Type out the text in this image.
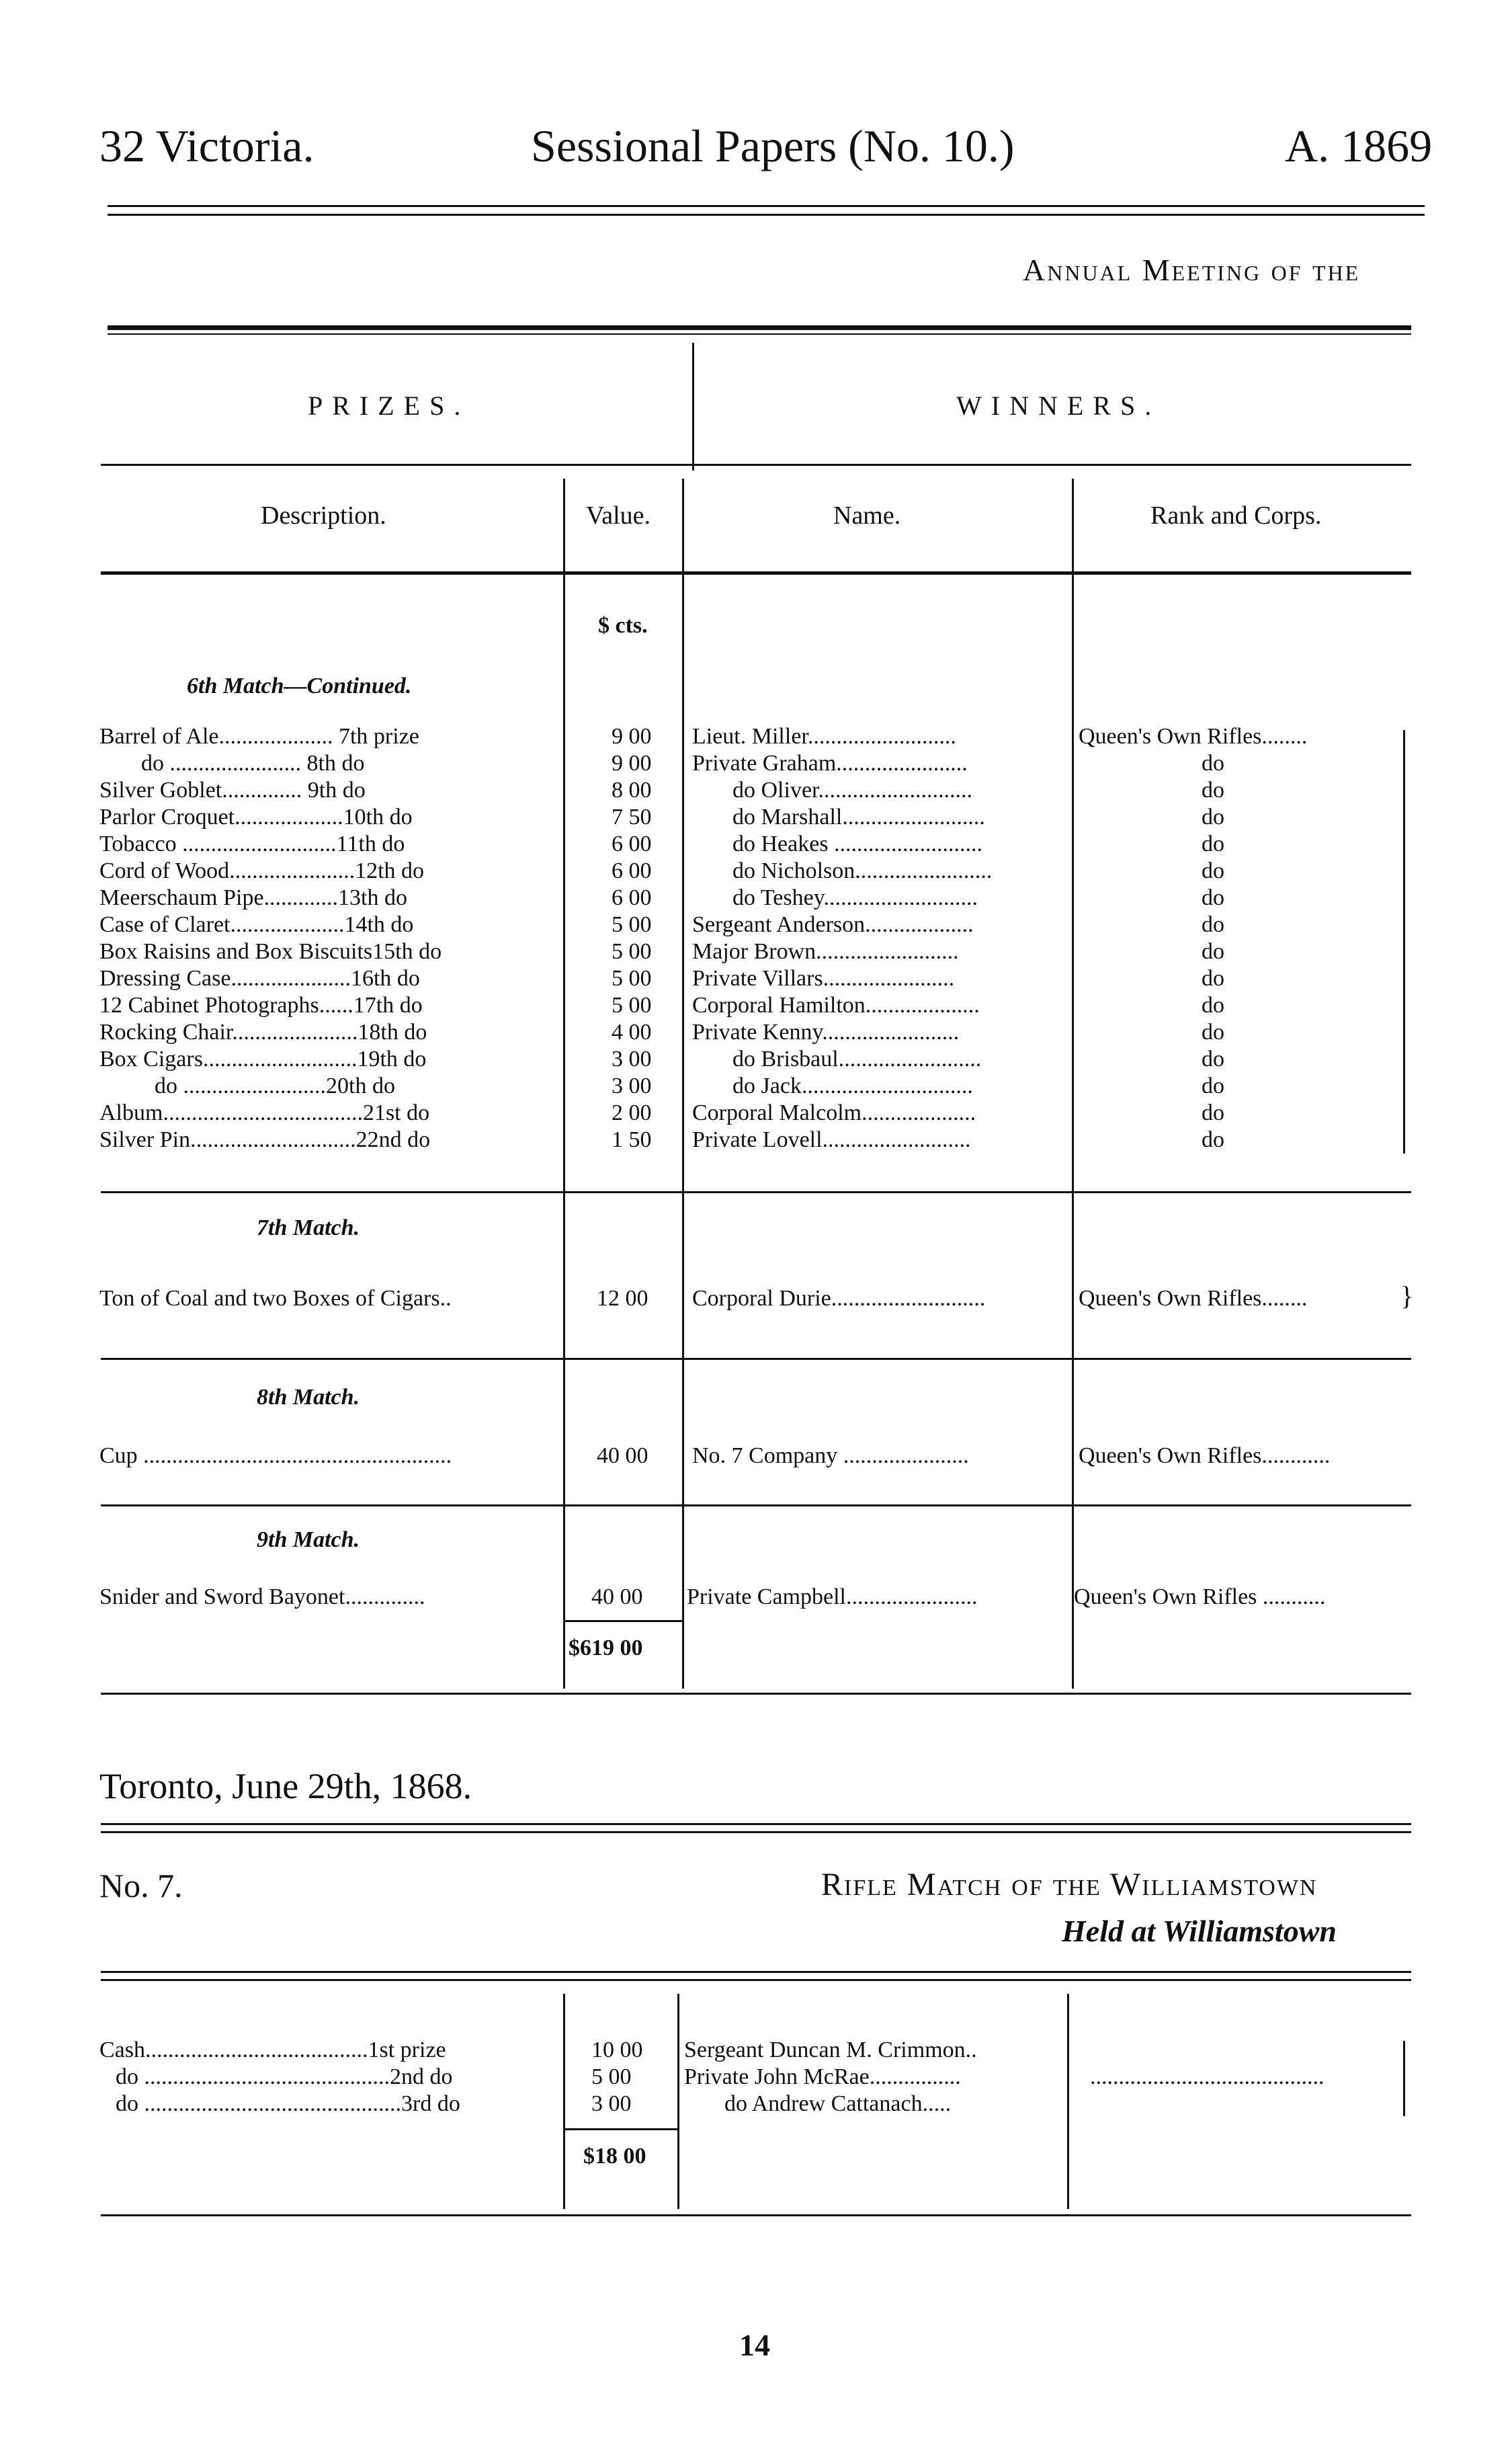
32 Victoria.	Sessional Papers (No. 10.)	A. 1869
Annual Meeting of the
PRIZES.	WINNERS.
Description.	Value.	Name.	Rank and Corps.
$ cts.
6th Match—Continued.
Barrel of Ale.................... 7th prize	9 00 Lieut. Miller..........................	Queen's Own Rifles........
do ....................... 8th do	9 00 Private Graham.......................	do
Silver Goblet.............. 9th do	8 00	do Oliver...........................	do
Parlor Croquet...................10th do	7 50	do Marshall.........................	do
Tobacco ...........................11th do	6 00	do Heakes ..........................	do
Cord of Wood......................12th do	6 00	do Nicholson........................	do
Meerschaum Pipe.............13th do	6 00	do Teshey...........................	do
Case of Claret....................14th do	5 00 Sergeant Anderson...................	do
Box Raisins and Box Biscuits15th do	5 00 Major Brown.........................	do
Dressing Case.....................16th do	5 00 Private Villars.......................	do
12 Cabinet Photographs......17th do	5 00 Corporal Hamilton....................	do
Rocking Chair......................18th do	4 00 Private Kenny........................	do
Box Cigars...........................19th do	3 00	do Brisbaul.........................	do
do .........................20th do	3 00	do Jack..............................	do
Album...................................21st do	2 00 Corporal Malcolm....................	do
Silver Pin.............................22nd do	1 50 Private Lovell..........................	do
7th Match.
Ton of Coal and two Boxes of Cigars..	12 00 Corporal Durie...........................	Queen's Own Rifles........	}
8th Match.
Cup ......................................................	40 00 No. 7 Company ......................	Queen's Own Rifles............
9th Match.
Snider and Sword Bayonet..............	40 00 Private Campbell.......................	Queen's Own Rifles ...........
$619 00
Toronto, June 29th, 1868.
No. 7.	Rifle Match of the Williamstown
Held at Williamstown
Cash.......................................1st prize	10 00 Sergeant Duncan M. Crimmon..
do ...........................................2nd do	5 00 Private John McRae................	.........................................
do .............................................3rd do	3 00	do Andrew Cattanach.....
$18 00
14
